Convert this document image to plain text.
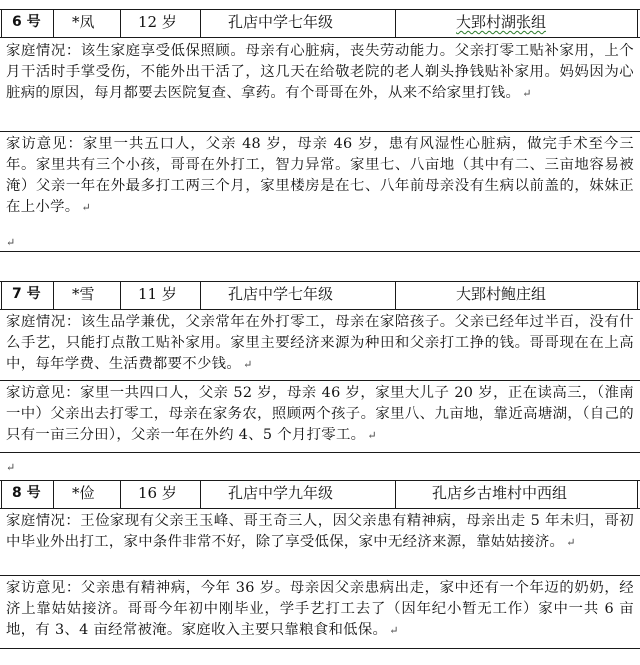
6 号 *凤	12 岁	孔店中学七年级	大郢村湖张组
家庭情况：该生家庭享受低保照顾。母亲有心脏病，丧失劳动能力。父亲打零工贴补家用，上个月干活时手掌受伤，不能外出干活了，这几天在给敬老院的老人剃头挣钱贴补家用。妈妈因为心脏病的原因，每月都要去医院复查、拿药。有个哥哥在外，从来不给家里打钱。 ↵
家访意见：家里一共五口人，父亲 48 岁，母亲 46 岁，患有风湿性心脏病，做完手术至今三年。家里共有三个小孩，哥哥在外打工，智力异常。家里七、八亩地（其中有二、三亩地容易被淹）父亲一年在外最多打工两三个月，家里楼房是在七、八年前母亲没有生病以前盖的，妹妹正在上小学。 ↵
↵
7 号 *雪	11 岁	孔店中学七年级	大郢村鲍庄组
家庭情况：该生品学兼优，父亲常年在外打零工，母亲在家陪孩子。父亲已经年过半百，没有什么手艺，只能打点散工贴补家用。家里主要经济来源为种田和父亲打工挣的钱。哥哥现在在上高中，每年学费、生活费都要不少钱。 ↵
家访意见：家里一共四口人，父亲 52 岁，母亲 46 岁，家里大儿子 20 岁，正在读高三，（淮南一中）父亲出去打零工，母亲在家务农，照顾两个孩子。家里八、九亩地，靠近高塘湖，（自己的只有一亩三分田），父亲一年在外约 4、5 个月打零工。 ↵
↵
8 号 *俭	16 岁	孔店中学九年级	孔店乡古堆村中西组
家庭情况：王俭家现有父亲王玉峰、哥王奇三人，因父亲患有精神病，母亲出走 5 年未归，哥初中毕业外出打工，家中条件非常不好，除了享受低保，家中无经济来源，靠姑姑接济。 ↵
家访意见：父亲患有精神病，今年 36 岁。母亲因父亲患病出走，家中还有一个年迈的奶奶，经济上靠姑姑接济。哥哥今年初中刚毕业，学手艺打工去了（因年纪小暂无工作）家中一共 6 亩地，有 3、4 亩经常被淹。家庭收入主要只靠粮食和低保。 ↵
